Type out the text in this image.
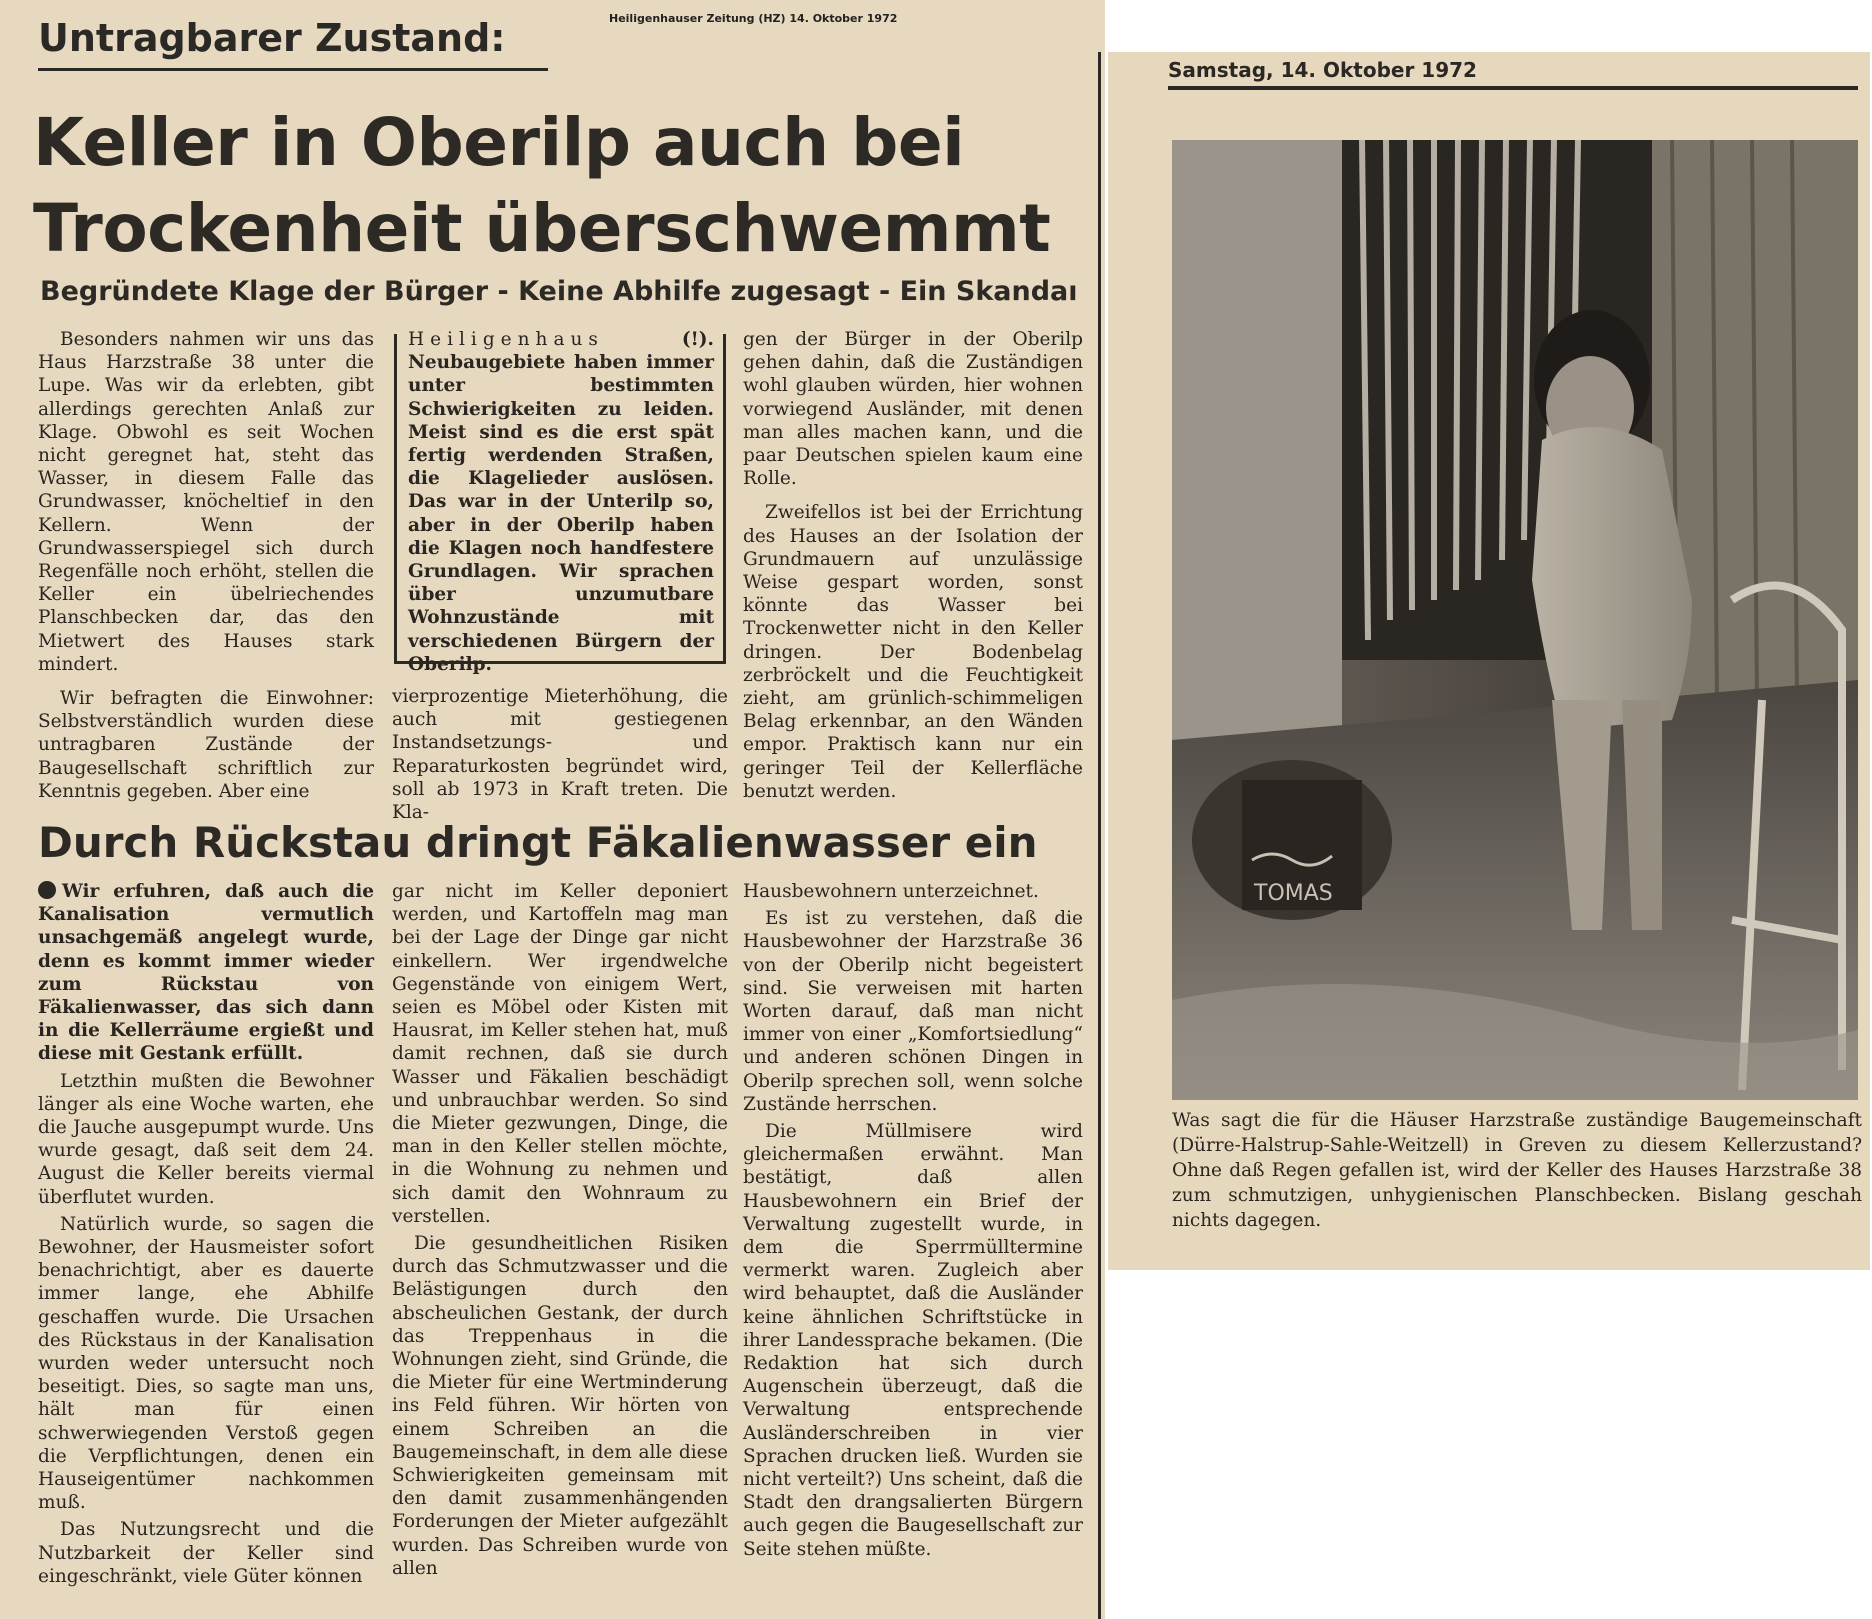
Untragbarer Zustand:	Heiligenhauser Zeitung (HZ) 14. Oktober 1972
Keller in Oberilp auch bei
Trockenheit überschwemmt
Begründete Klage der Bürger - Keine Abhilfe zugesagt - Ein Skandaı

Besonders nahmen wir uns das Haus Harzstraße 38 unter die Lupe. Was wir da erlebten, gibt allerdings gerechten Anlaß zur Klage. Obwohl es seit Wochen nicht geregnet hat, steht das Wasser, in diesem Falle das Grundwasser, knöcheltief in den Kellern. Wenn der Grundwasserspiegel sich durch Regenfälle noch erhöht, stellen die Keller ein übelriechendes Planschbecken dar, das den Mietwert des Hauses stark mindert.

Wir befragten die Einwohner: Selbstverständlich wurden diese untragbaren Zustände der Baugesellschaft schriftlich zur Kenntnis gegeben. Aber eine

Heiligenhaus	(!). Neubaugebiete haben immer unter bestimmten Schwierigkeiten zu leiden. Meist sind es die erst spät fertig werdenden Straßen, die Klagelieder auslösen. Das war in der Unterilp so, aber in der Oberilp haben die Klagen noch handfestere Grundlagen. Wir sprachen über unzumutbare Wohnzustände mit verschiedenen Bürgern der Oberilp.

vierprozentige Mieterhöhung, die auch mit gestiegenen Instandsetzungs- und Reparaturkosten begründet wird, soll ab 1973 in Kraft treten. Die Kla-

gen der Bürger in der Oberilp gehen dahin, daß die Zuständigen wohl glauben würden, hier wohnen vorwiegend Ausländer, mit denen man alles machen kann, und die paar Deutschen spielen kaum eine Rolle.

Zweifellos ist bei der Errichtung des Hauses an der Isolation der Grundmauern auf unzulässige Weise gespart worden, sonst könnte das Wasser bei Trockenwetter nicht in den Keller dringen. Der Bodenbelag zerbröckelt und die Feuchtigkeit zieht, am grünlich-schimmeligen Belag erkennbar, an den Wänden empor. Praktisch kann nur ein geringer Teil der Kellerfläche benutzt werden.

Durch Rückstau dringt Fäkalienwasser ein

Wir erfuhren, daß auch die Kanalisation vermutlich unsachgemäß angelegt wurde, denn es kommt immer wieder zum Rückstau von Fäkalienwasser, das sich dann in die Kellerräume ergießt und diese mit Gestank erfüllt.

Letzthin mußten die Bewohner länger als eine Woche warten, ehe die Jauche ausgepumpt wurde. Uns wurde gesagt, daß seit dem 24. August die Keller bereits viermal überflutet wurden.

Natürlich wurde, so sagen die Bewohner, der Hausmeister sofort benachrichtigt, aber es dauerte immer lange, ehe Abhilfe geschaffen wurde. Die Ursachen des Rückstaus in der Kanalisation wurden weder untersucht noch beseitigt. Dies, so sagte man uns, hält man für einen schwerwiegenden Verstoß gegen die Verpflichtungen, denen ein Hauseigentümer nachkommen muß.

Das Nutzungsrecht und die Nutzbarkeit der Keller sind eingeschränkt, viele Güter können

gar nicht im Keller deponiert werden, und Kartoffeln mag man bei der Lage der Dinge gar nicht einkellern. Wer irgendwelche Gegenstände von einigem Wert, seien es Möbel oder Kisten mit Hausrat, im Keller stehen hat, muß damit rechnen, daß sie durch Wasser und Fäkalien beschädigt und unbrauchbar werden. So sind die Mieter gezwungen, Dinge, die man in den Keller stellen möchte, in die Wohnung zu nehmen und sich damit den Wohnraum zu verstellen.

Die gesundheitlichen Risiken durch das Schmutzwasser und die Belästigungen durch den abscheulichen Gestank, der durch das Treppenhaus in die Wohnungen zieht, sind Gründe, die die Mieter für eine Wertminderung ins Feld führen. Wir hörten von einem Schreiben an die Baugemeinschaft, in dem alle diese Schwierigkeiten gemeinsam mit den damit zusammenhängenden Forderungen der Mieter aufgezählt wurden. Das Schreiben wurde von allen

Hausbewohnern unterzeichnet.

Es ist zu verstehen, daß die Hausbewohner der Harzstraße 36 von der Oberilp nicht begeistert sind. Sie verweisen mit harten Worten darauf, daß man nicht immer von einer „Komfortsiedlung“ und anderen schönen Dingen in Oberilp sprechen soll, wenn solche Zustände herrschen.

Die Müllmisere wird gleichermaßen erwähnt. Man bestätigt, daß allen Hausbewohnern ein Brief der Verwaltung zugestellt wurde, in dem die Sperrmülltermine vermerkt waren. Zugleich aber wird behauptet, daß die Ausländer keine ähnlichen Schriftstücke in ihrer Landessprache bekamen. (Die Redaktion hat sich durch Augenschein überzeugt, daß die Verwaltung entsprechende Ausländerschreiben in vier Sprachen drucken ließ. Wurden sie nicht verteilt?) Uns scheint, daß die Stadt den drangsalierten Bürgern auch gegen die Baugesellschaft zur Seite stehen müßte.

Samstag, 14. Oktober 1972
TOMAS
Was sagt die für die Häuser Harzstraße zuständige Baugemeinschaft (Dürre-Halstrup-Sahle-Weitzell) in Greven zu diesem Kellerzustand? Ohne daß Regen gefallen ist, wird der Keller des Hauses Harzstraße 38 zum schmutzigen, unhygienischen Planschbecken. Bislang geschah nichts dagegen.
